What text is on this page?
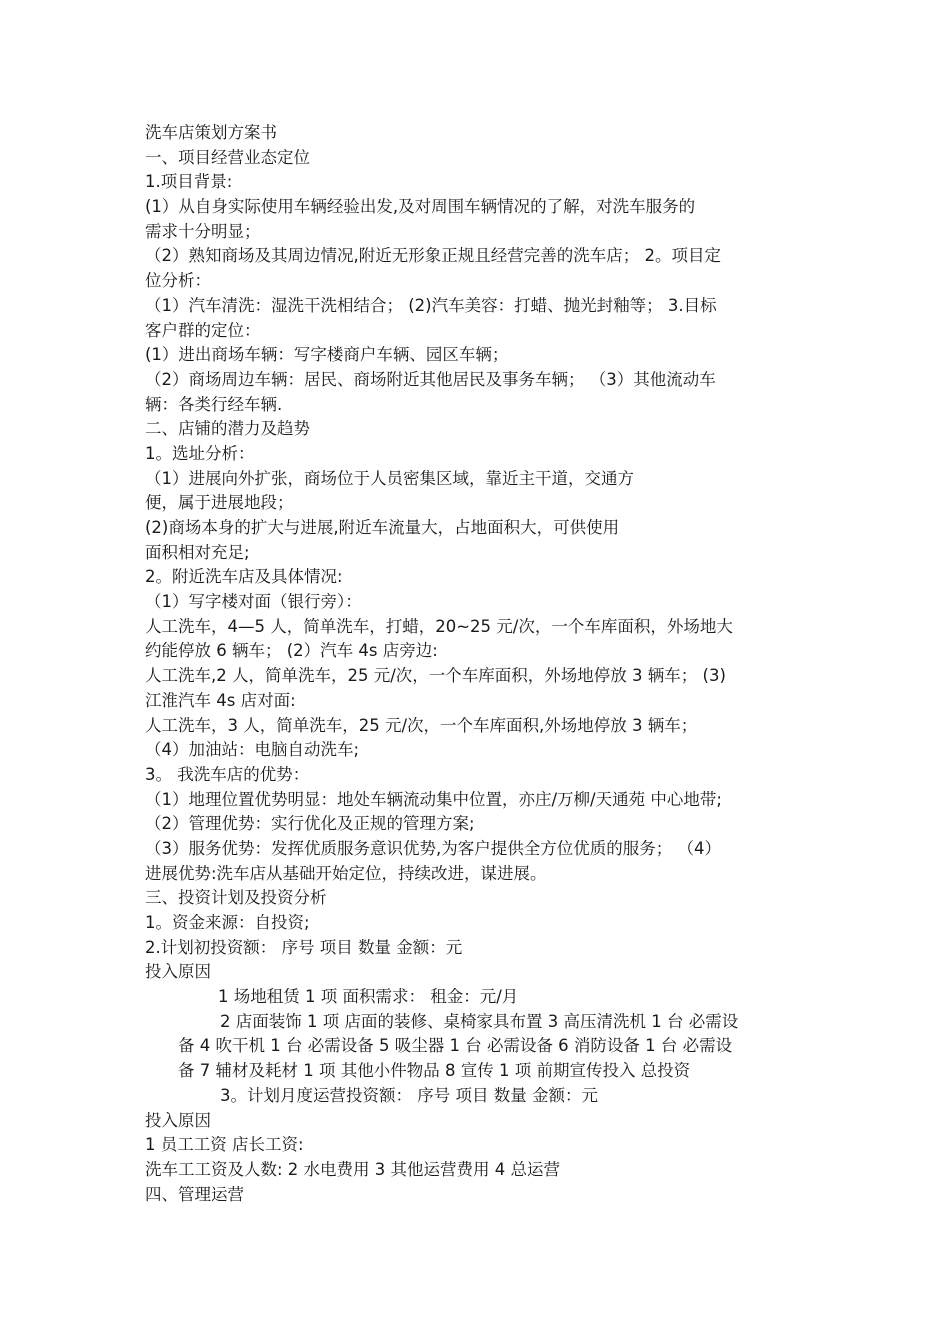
洗车店策划方案书
一、项目经营业态定位
1.项目背景:
(1）从自身实际使用车辆经验出发,及对周围车辆情况的了解，对洗车服务的
需求十分明显；
（2）熟知商场及其周边情况,附近无形象正规且经营完善的洗车店； 2。项目定
位分析：
（1）汽车清洗：湿洗干洗相结合； (2)汽车美容：打蜡、抛光封釉等； 3.目标
客户群的定位：
(1）进出商场车辆：写字楼商户车辆、园区车辆；
（2）商场周边车辆：居民、商场附近其他居民及事务车辆； （3）其他流动车
辆：各类行经车辆.
二、店铺的潜力及趋势
1。选址分析：
（1）进展向外扩张，商场位于人员密集区域，靠近主干道，交通方
便，属于进展地段；
(2)商场本身的扩大与进展,附近车流量大，占地面积大，可供使用
面积相对充足;
2。附近洗车店及具体情况:
（1）写字楼对面（银行旁）：
人工洗车，4—5 人，简单洗车，打蜡，20~25 元/次，一个车库面积，外场地大
约能停放 6 辆车； (2）汽车 4s 店旁边:
人工洗车,2 人，简单洗车，25 元/次，一个车库面积，外场地停放 3 辆车； (3)
江淮汽车 4s 店对面:
人工洗车，3 人，简单洗车，25 元/次，一个车库面积,外场地停放 3 辆车；
（4）加油站：电脑自动洗车;
3。 我洗车店的优势：
（1）地理位置优势明显：地处车辆流动集中位置，亦庄/万柳/天通苑 中心地带;
（2）管理优势：实行优化及正规的管理方案;
（3）服务优势：发挥优质服务意识优势,为客户提供全方位优质的服务； （4）
进展优势:洗车店从基础开始定位，持续改进，谋进展。
三、投资计划及投资分析
1。资金来源：自投资;
2.计划初投资额： 序号 项目 数量 金额：元
投入原因
1 场地租赁 1 项 面积需求： 租金：元/月
2 店面装饰 1 项 店面的装修、桌椅家具布置 3 高压清洗机 1 台 必需设
备 4 吹干机 1 台 必需设备 5 吸尘器 1 台 必需设备 6 消防设备 1 台 必需设
备 7 辅材及耗材 1 项 其他小件物品 8 宣传 1 项 前期宣传投入 总投资
3。计划月度运营投资额： 序号 项目 数量 金额：元
投入原因
1 员工工资 店长工资:
洗车工工资及人数: 2 水电费用 3 其他运营费用 4 总运营
四、管理运营
